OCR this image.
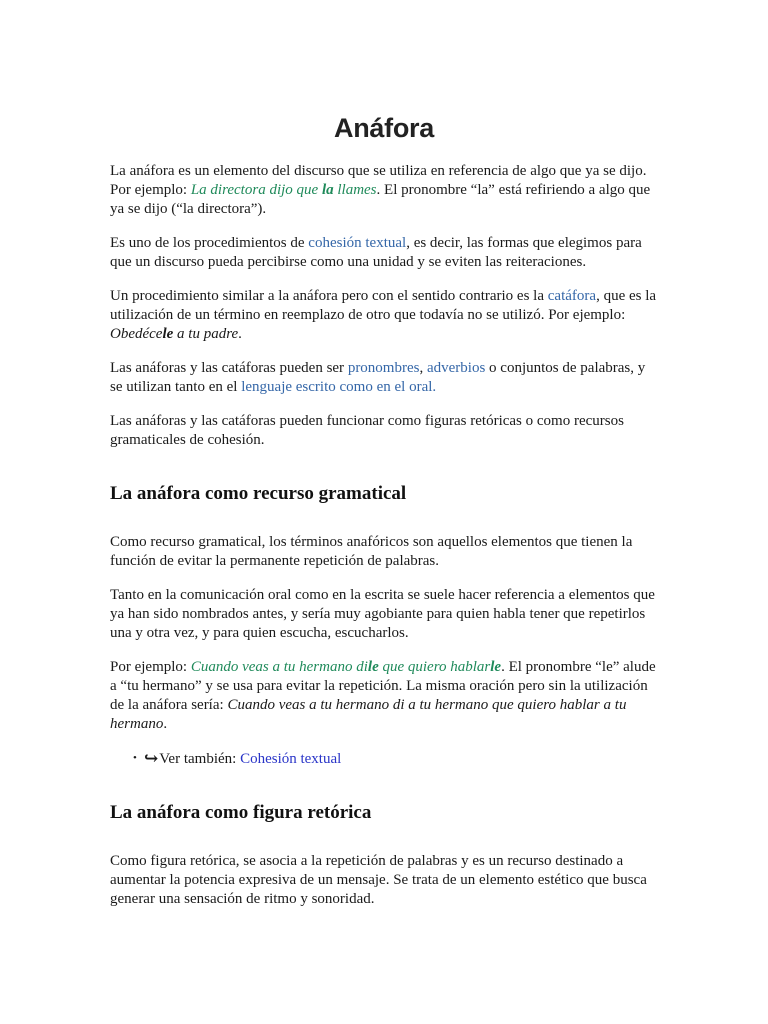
Anáfora

La anáfora es un elemento del discurso que se utiliza en referencia de algo que ya se dijo. Por ejemplo: La directora dijo que la llames. El pronombre “la” está refiriendo a algo que ya se dijo (“la directora”).

Es uno de los procedimientos de cohesión textual, es decir, las formas que elegimos para que un discurso pueda percibirse como una unidad y se eviten las reiteraciones.

Un procedimiento similar a la anáfora pero con el sentido contrario es la catáfora, que es la utilización de un término en reemplazo de otro que todavía no se utilizó. Por ejemplo: Obedécele a tu padre.

Las anáforas y las catáforas pueden ser pronombres, adverbios o conjuntos de palabras, y se utilizan tanto en el lenguaje escrito como en el oral.

Las anáforas y las catáforas pueden funcionar como figuras retóricas o como recursos gramaticales de cohesión.

La anáfora como recurso gramatical

Como recurso gramatical, los términos anafóricos son aquellos elementos que tienen la función de evitar la permanente repetición de palabras.

Tanto en la comunicación oral como en la escrita se suele hacer referencia a elementos que ya han sido nombrados antes, y sería muy agobiante para quien habla tener que repetirlos una y otra vez, y para quien escucha, escucharlos.

Por ejemplo: Cuando veas a tu hermano dile que quiero hablarle. El pronombre “le” alude a “tu hermano” y se usa para evitar la repetición. La misma oración pero sin la utilización de la anáfora sería: Cuando veas a tu hermano di a tu hermano que quiero hablar a tu hermano.

• ↪Ver también: Cohesión textual
La anáfora como figura retórica

Como figura retórica, se asocia a la repetición de palabras y es un recurso destinado a aumentar la potencia expresiva de un mensaje. Se trata de un elemento estético que busca generar una sensación de ritmo y sonoridad.
